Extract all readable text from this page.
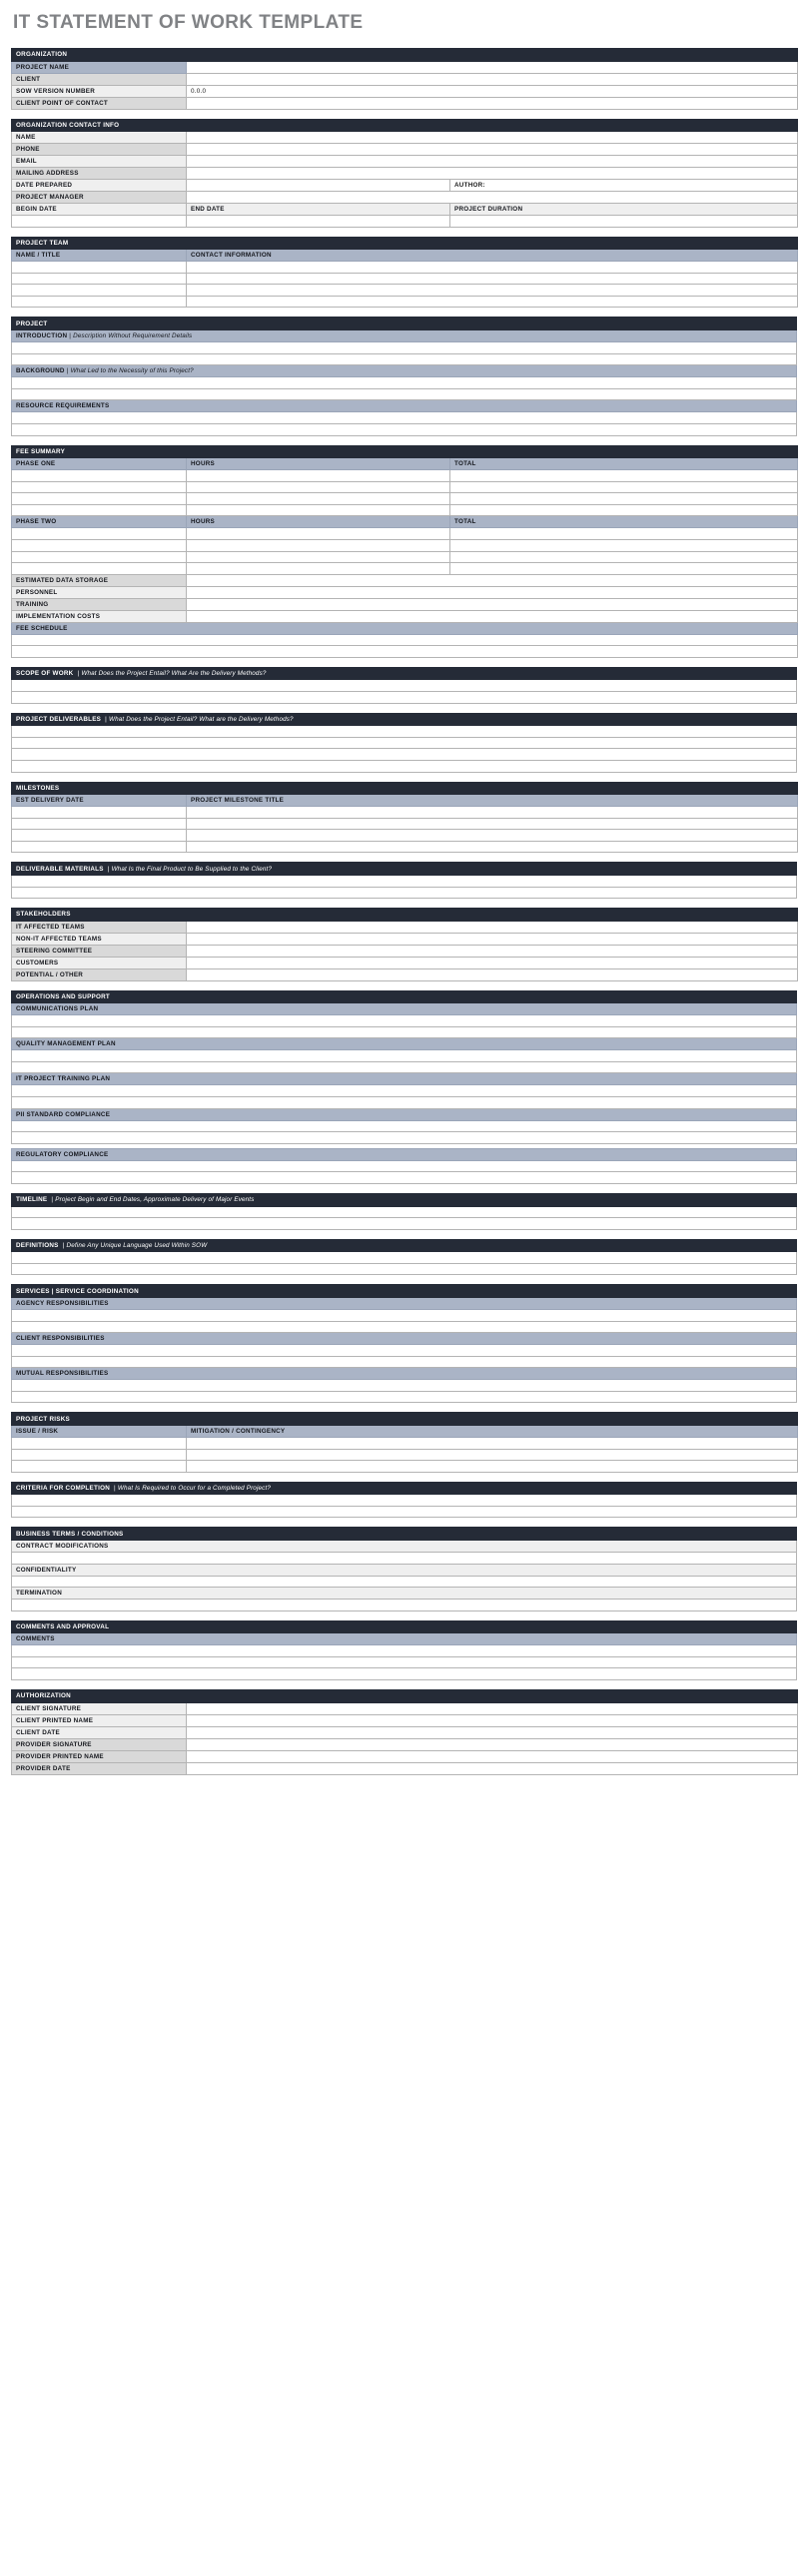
IT STATEMENT OF WORK TEMPLATE
ORGANIZATION	
PROJECT NAME	
CLIENT	
SOW VERSION NUMBER	0.0.0
CLIENT POINT OF CONTACT	
ORGANIZATION CONTACT INFO		
NAME		
PHONE		
EMAIL		
MAILING ADDRESS		
DATE PREPARED		AUTHOR:
PROJECT MANAGER		
BEGIN DATE	END DATE	PROJECT DURATION

PROJECT TEAM	
NAME / TITLE	CONTACT INFORMATION

PROJECT
INTRODUCTION | Description Without Requirement Details

BACKGROUND | What Led to the Necessity of this Project?

RESOURCE REQUIREMENTS

FEE SUMMARY		
PHASE ONE	HOURS	TOTAL

PHASE TWO	HOURS	TOTAL

ESTIMATED DATA STORAGE		
PERSONNEL		
TRAINING		
IMPLEMENTATION COSTS		
FEE SCHEDULE		

SCOPE OF WORK | What Does the Project Entail? What Are the Delivery Methods?

PROJECT DELIVERABLES | What Does the Project Entail? What are the Delivery Methods?

MILESTONES	
EST DELIVERY DATE	PROJECT MILESTONE TITLE

DELIVERABLE MATERIALS | What Is the Final Product to Be Supplied to the Client?

STAKEHOLDERS	
IT AFFECTED TEAMS	
NON-IT AFFECTED TEAMS	
STEERING COMMITTEE	
CUSTOMERS	
POTENTIAL / OTHER	
OPERATIONS AND SUPPORT
COMMUNICATIONS PLAN

QUALITY MANAGEMENT PLAN

IT PROJECT TRAINING PLAN

PII STANDARD COMPLIANCE

REGULATORY COMPLIANCE

TIMELINE | Project Begin and End Dates, Approximate Delivery of Major Events

DEFINITIONS | Define Any Unique Language Used Within SOW

SERVICES | SERVICE COORDINATION
AGENCY RESPONSIBILITIES

CLIENT RESPONSIBILITIES

MUTUAL RESPONSIBILITIES

PROJECT RISKS	
ISSUE / RISK	MITIGATION / CONTINGENCY

CRITERIA FOR COMPLETION | What Is Required to Occur for a Completed Project?

BUSINESS TERMS / CONDITIONS
CONTRACT MODIFICATIONS

CONFIDENTIALITY

TERMINATION

COMMENTS AND APPROVAL
COMMENTS

AUTHORIZATION	
CLIENT SIGNATURE	
CLIENT PRINTED NAME	
CLIENT DATE	
PROVIDER SIGNATURE	
PROVIDER PRINTED NAME	
PROVIDER DATE	
